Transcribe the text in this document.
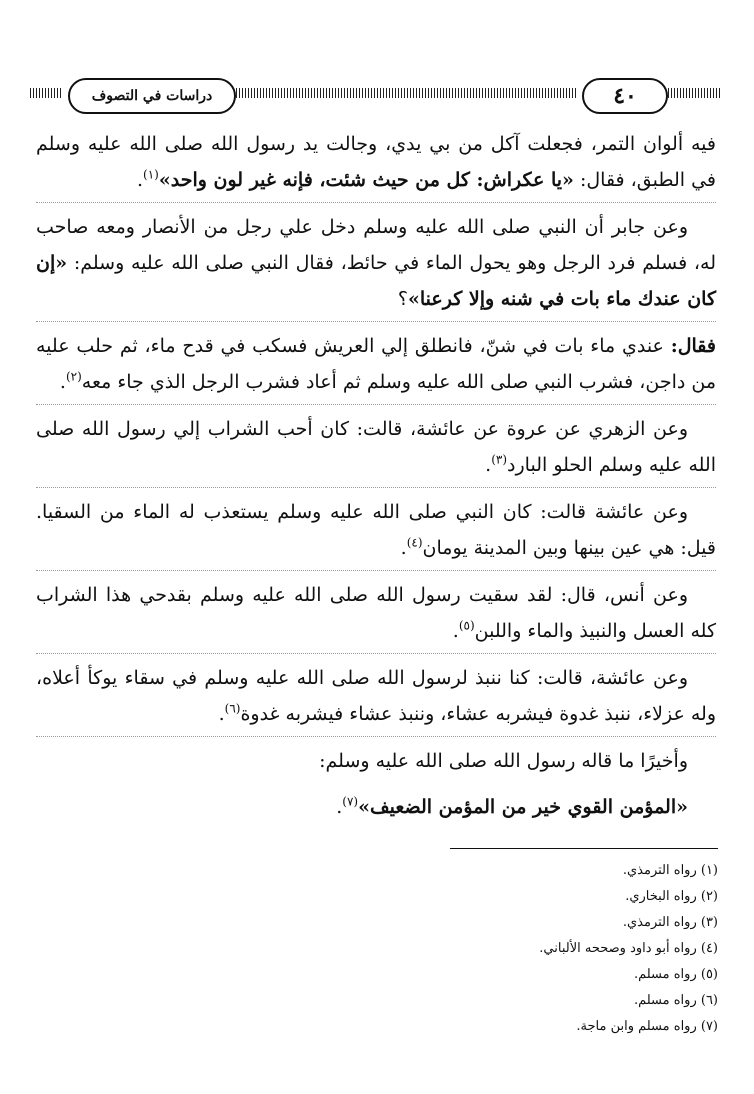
دراسات في التصوف	٤٠

فيه ألوان التمر، فجعلت آكل من بي يدي، وجالت يد رسول الله صلى الله عليه وسلم في الطبق، فقال: «يا عكراش: كل من حيث شئت، فإنه غير لون واحد»$^{(١)}$.

وعن جابر أن النبي صلى الله عليه وسلم دخل علي رجل من الأنصار ومعه صاحب له، فسلم فرد الرجل وهو يحول الماء في حائط، فقال النبي صلى الله عليه وسلم: «إن كان عندك ماء بات في شنه وإلا كرعنا»؟

فقال: عندي ماء بات في شنّ، فانطلق إلي العريش فسكب في قدح ماء، ثم حلب عليه من داجن، فشرب النبي صلى الله عليه وسلم ثم أعاد فشرب الرجل الذي جاء معه$^{(٢)}$.

وعن الزهري عن عروة عن عائشة، قالت: كان أحب الشراب إلي رسول الله صلى الله عليه وسلم الحلو البارد$^{(٣)}$.

وعن عائشة قالت: كان النبي صلى الله عليه وسلم يستعذب له الماء من السقيا. قيل: هي عين بينها وبين المدينة يومان$^{(٤)}$.

وعن أنس، قال: لقد سقيت رسول الله صلى الله عليه وسلم بقدحي هذا الشراب كله العسل والنبيذ والماء واللبن$^{(٥)}$.

وعن عائشة، قالت: كنا ننبذ لرسول الله صلى الله عليه وسلم في سقاء يوكأ أعلاه، وله عزلاء، ننبذ غدوة فيشربه عشاء، وننبذ عشاء فيشربه غدوة$^{(٦)}$.

وأخيرًا ما قاله رسول الله صلى الله عليه وسلم:

«المؤمن القوي خير من المؤمن الضعيف»$^{(٧)}$.

(١) رواه الترمذي.

(٢) رواه البخاري.

(٣) رواه الترمذي.

(٤) رواه أبو داود وصححه الألباني.

(٥) رواه مسلم.

(٦) رواه مسلم.

(٧) رواه مسلم وابن ماجة.
